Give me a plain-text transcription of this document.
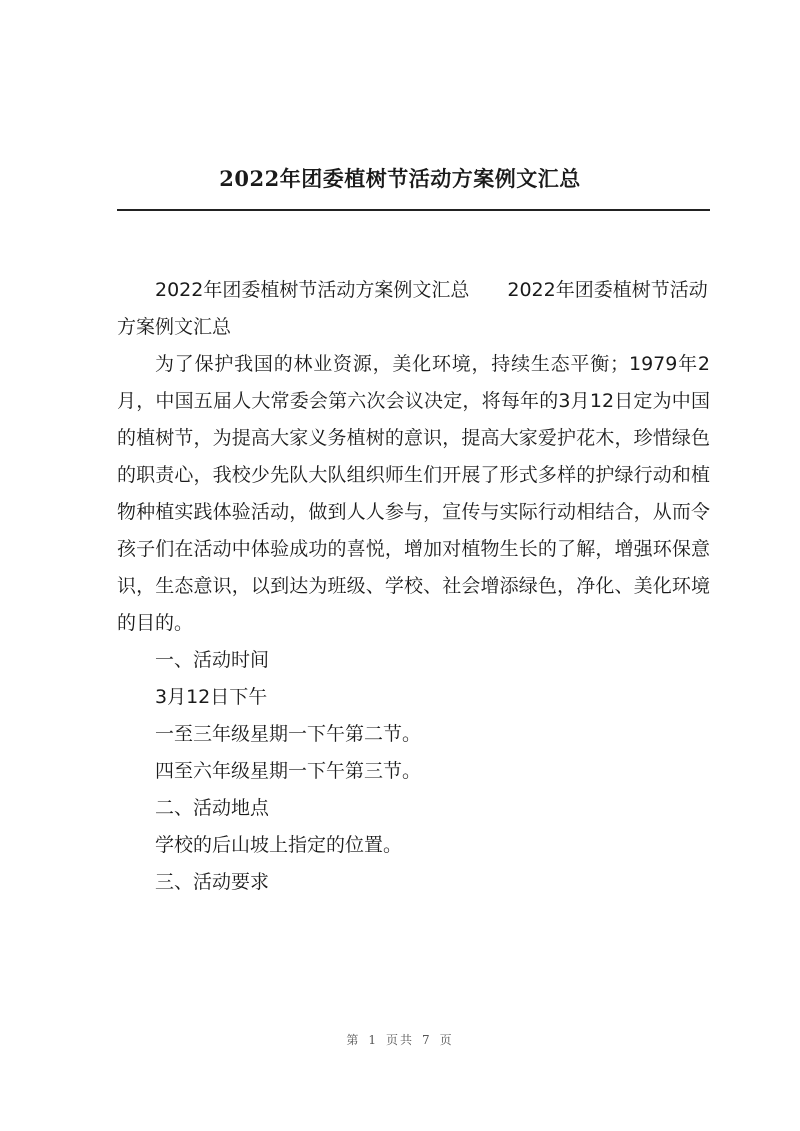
2022年团委植树节活动方案例文汇总

2022年团委植树节活动方案例文汇总　　2022年团委植树节活动方案例文汇总

为了保护我国的林业资源，美化环境，持续生态平衡；1979年2月，中国五届人大常委会第六次会议决定，将每年的3月12日定为中国的植树节，为提高大家义务植树的意识，提高大家爱护花木，珍惜绿色的职责心，我校少先队大队组织师生们开展了形式多样的护绿行动和植物种植实践体验活动，做到人人参与，宣传与实际行动相结合，从而令孩子们在活动中体验成功的喜悦，增加对植物生长的了解，增强环保意识，生态意识，以到达为班级、学校、社会增添绿色，净化、美化环境的目的。

一、活动时间

3月12日下午

一至三年级星期一下午第二节。

四至六年级星期一下午第三节。

二、活动地点

学校的后山坡上指定的位置。

三、活动要求

第 1 页共 7 页
